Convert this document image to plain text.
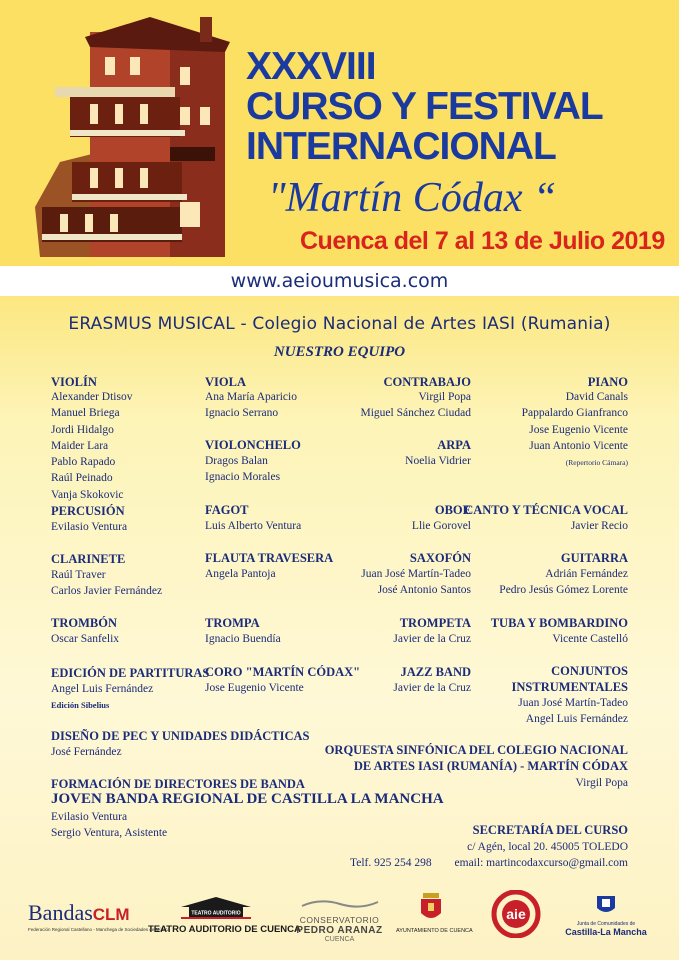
XXXVIII
CURSO Y FESTIVAL
INTERNACIONAL
"Martín Códax “
Cuenca del 7 al 13 de Julio 2019
www.aeioumusica.com
ERASMUS MUSICAL - Colegio Nacional de Artes IASI (Rumania)
NUESTRO EQUIPO
VIOLÍN
Alexander Dtisov
Manuel Briega
Jordi Hidalgo
Maider Lara
Pablo Rapado
Raúl Peinado
Vanja Skokovic
PERCUSIÓN
Evilasio Ventura
CLARINETE
Raúl Traver
Carlos Javier Fernández
TROMBÓN
Oscar Sanfelix
EDICIÓN DE PARTITURAS
Angel Luis Fernández
Edición Sibelius
DISEÑO DE PEC Y UNIDADES DIDÁCTICAS
José Fernández
FORMACIÓN DE DIRECTORES DE BANDA
JOVEN BANDA REGIONAL DE CASTILLA LA MANCHA
Evilasio Ventura
Sergio Ventura, Asistente
VIOLA
Ana María Aparicio
Ignacio Serrano
VIOLONCHELO
Dragos Balan
Ignacio Morales
FAGOT
Luis Alberto Ventura
FLAUTA TRAVESERA
Angela Pantoja
TROMPA
Ignacio Buendía
CORO "MARTÍN CÓDAX"
Jose Eugenio Vicente
CONTRABAJO
Virgil Popa
Miguel Sánchez Ciudad
ARPA
Noelia Vidrier
OBOE
Llie Gorovel
SAXOFÓN
Juan José Martín-Tadeo
José Antonio Santos
TROMPETA
Javier de la Cruz
JAZZ BAND
Javier de la Cruz
PIANO
David Canals
Pappalardo Gianfranco
Jose Eugenio Vicente
Juan Antonio Vicente
(Repertorio Cámara)
CANTO Y TÉCNICA VOCAL
Javier Recio
GUITARRA
Adrián Fernández
Pedro Jesús Gómez Lorente
TUBA Y BOMBARDINO
Vicente Castelló
CONJUNTOS
INSTRUMENTALES
Juan José Martín-Tadeo
Angel Luis Fernández
ORQUESTA SINFÓNICA DEL COLEGIO NACIONAL
DE ARTES IASI (RUMANÍA) - MARTÍN CÓDAX
Virgil Popa
SECRETARÍA DEL CURSO
c/ Agén, local 20. 45005 TOLEDO
Telf. 925 254 298 email: martincodaxcurso@gmail.com
BandasCLM
Federación Regional Castellano - Manchega de Sociedades de Música
TEATRO AUDITORIO
TEATRO AUDITORIO DE CUENCA
CONSERVATORIO
PEDRO ARANAZ
CUENCA
AYUNTAMIENTO DE CUENCA
aie
Junta de Comunidades de
Castilla-La Mancha
